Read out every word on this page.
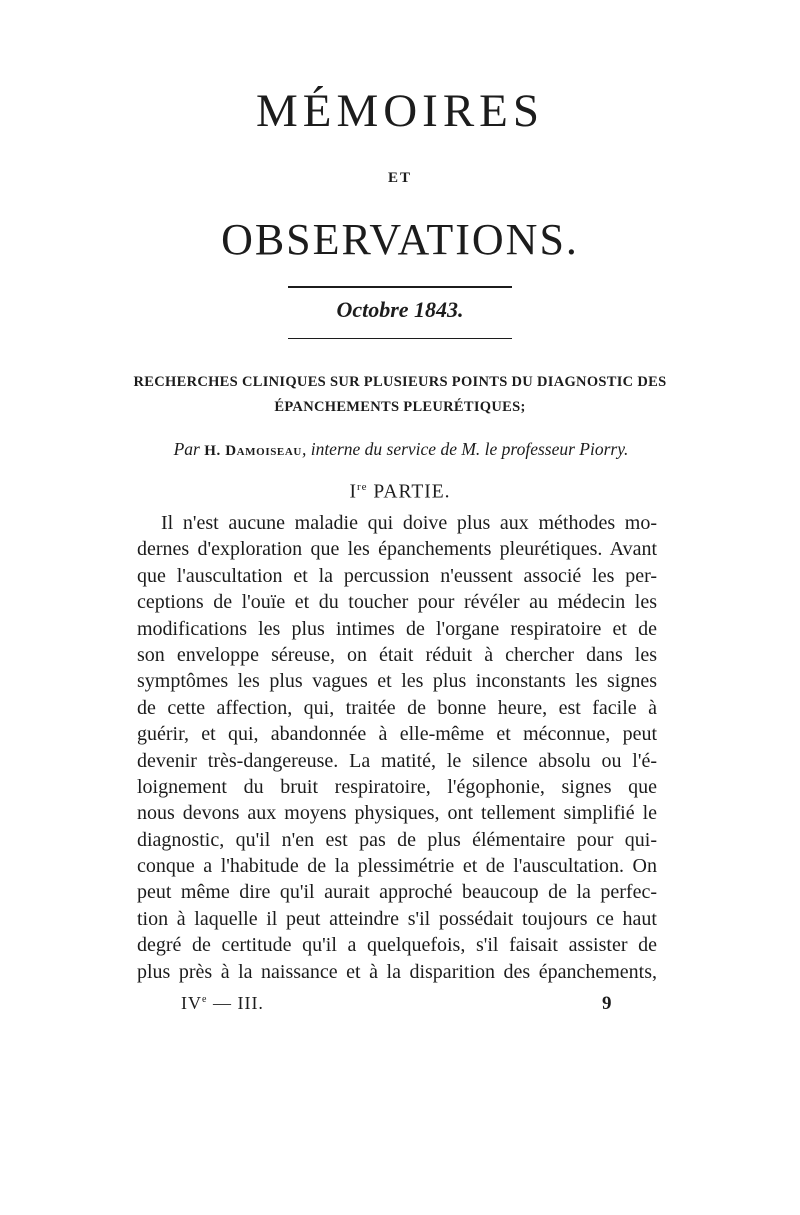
MÉMOIRES
ET
OBSERVATIONS.
Octobre 1843.
RECHERCHES CLINIQUES SUR PLUSIEURS POINTS DU DIAGNOSTIC DES ÉPANCHEMENTS PLEURÉTIQUES;
Par H. Damoiseau, interne du service de M. le professeur Piorry.
Ire PARTIE.
Il n'est aucune maladie qui doive plus aux méthodes mo-
dernes d'exploration que les épanchements pleurétiques. Avant
que l'auscultation et la percussion n'eussent associé les per-
ceptions de l'ouïe et du toucher pour révéler au médecin les
modifications les plus intimes de l'organe respiratoire et de
son enveloppe séreuse, on était réduit à chercher dans les
symptômes les plus vagues et les plus inconstants les signes
de cette affection, qui, traitée de bonne heure, est facile à
guérir, et qui, abandonnée à elle-même et méconnue, peut
devenir très-dangereuse. La matité, le silence absolu ou l'é-
loignement du bruit respiratoire, l'égophonie, signes que
nous devons aux moyens physiques, ont tellement simplifié le
diagnostic, qu'il n'en est pas de plus élémentaire pour qui-
conque a l'habitude de la plessimétrie et de l'auscultation. On
peut même dire qu'il aurait approché beaucoup de la perfec-
tion à laquelle il peut atteindre s'il possédait toujours ce haut
degré de certitude qu'il a quelquefois, s'il faisait assister de
plus près à la naissance et à la disparition des épanchements,
IVe — III.	9
